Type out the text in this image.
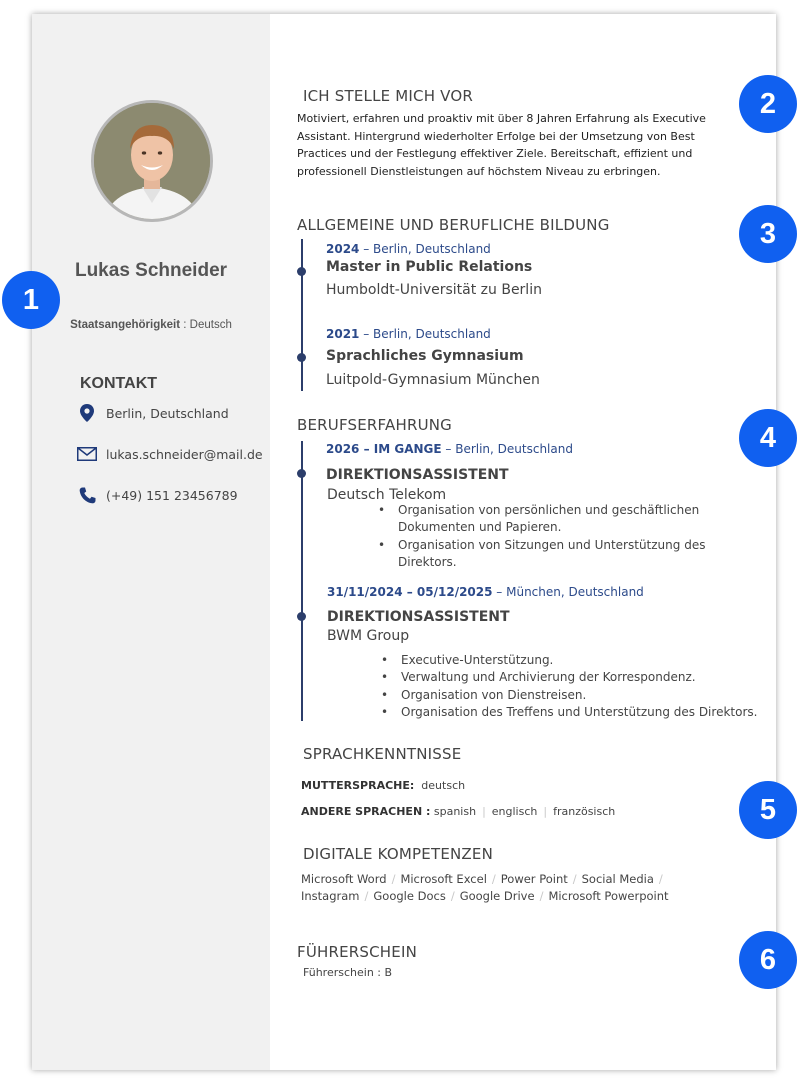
Lukas Schneider
Staatsangehörigkeit : Deutsch
KONTAKT
Berlin, Deutschland
lukas.schneider@mail.de
(+49) 151 23456789
ICH STELLE MICH VOR
Motiviert, erfahren und proaktiv mit über 8 Jahren Erfahrung als Executive Assistant. Hintergrund wiederholter Erfolge bei der Umsetzung von Best Practices und der Festlegung effektiver Ziele. Bereitschaft, effizient und professionell Dienstleistungen auf höchstem Niveau zu erbringen.
ALLGEMEINE UND BERUFLICHE BILDUNG
2024 – Berlin, Deutschland
Master in Public Relations
Humboldt-Universität zu Berlin
2021 – Berlin, Deutschland
Sprachliches Gymnasium
Luitpold-Gymnasium München
BERUFSERFAHRUNG
2026 – IM GANGE – Berlin, Deutschland
DIREKTIONSASSISTENT
Deutsch Telekom
• Organisation von persönlichen und geschäftlichen Dokumenten und Papieren.
• Organisation von Sitzungen und Unterstützung des Direktors.
31/11/2024 – 05/12/2025 – München, Deutschland
DIREKTIONSASSISTENT
BWM Group
• Executive-Unterstützung.
• Verwaltung und Archivierung der Korrespondenz.
• Organisation von Dienstreisen.
• Organisation des Treffens und Unterstützung des Direktors.
SPRACHKENNTNISSE
MUTTERSPRACHE: deutsch
ANDERE SPRACHEN : spanish | englisch | französisch
DIGITALE KOMPETENZEN
Microsoft Word / Microsoft Excel / Power Point / Social Media /
Instagram / Google Docs / Google Drive / Microsoft Powerpoint
FÜHRERSCHEIN
Führerschein : B
1
2
3
4
5
6
